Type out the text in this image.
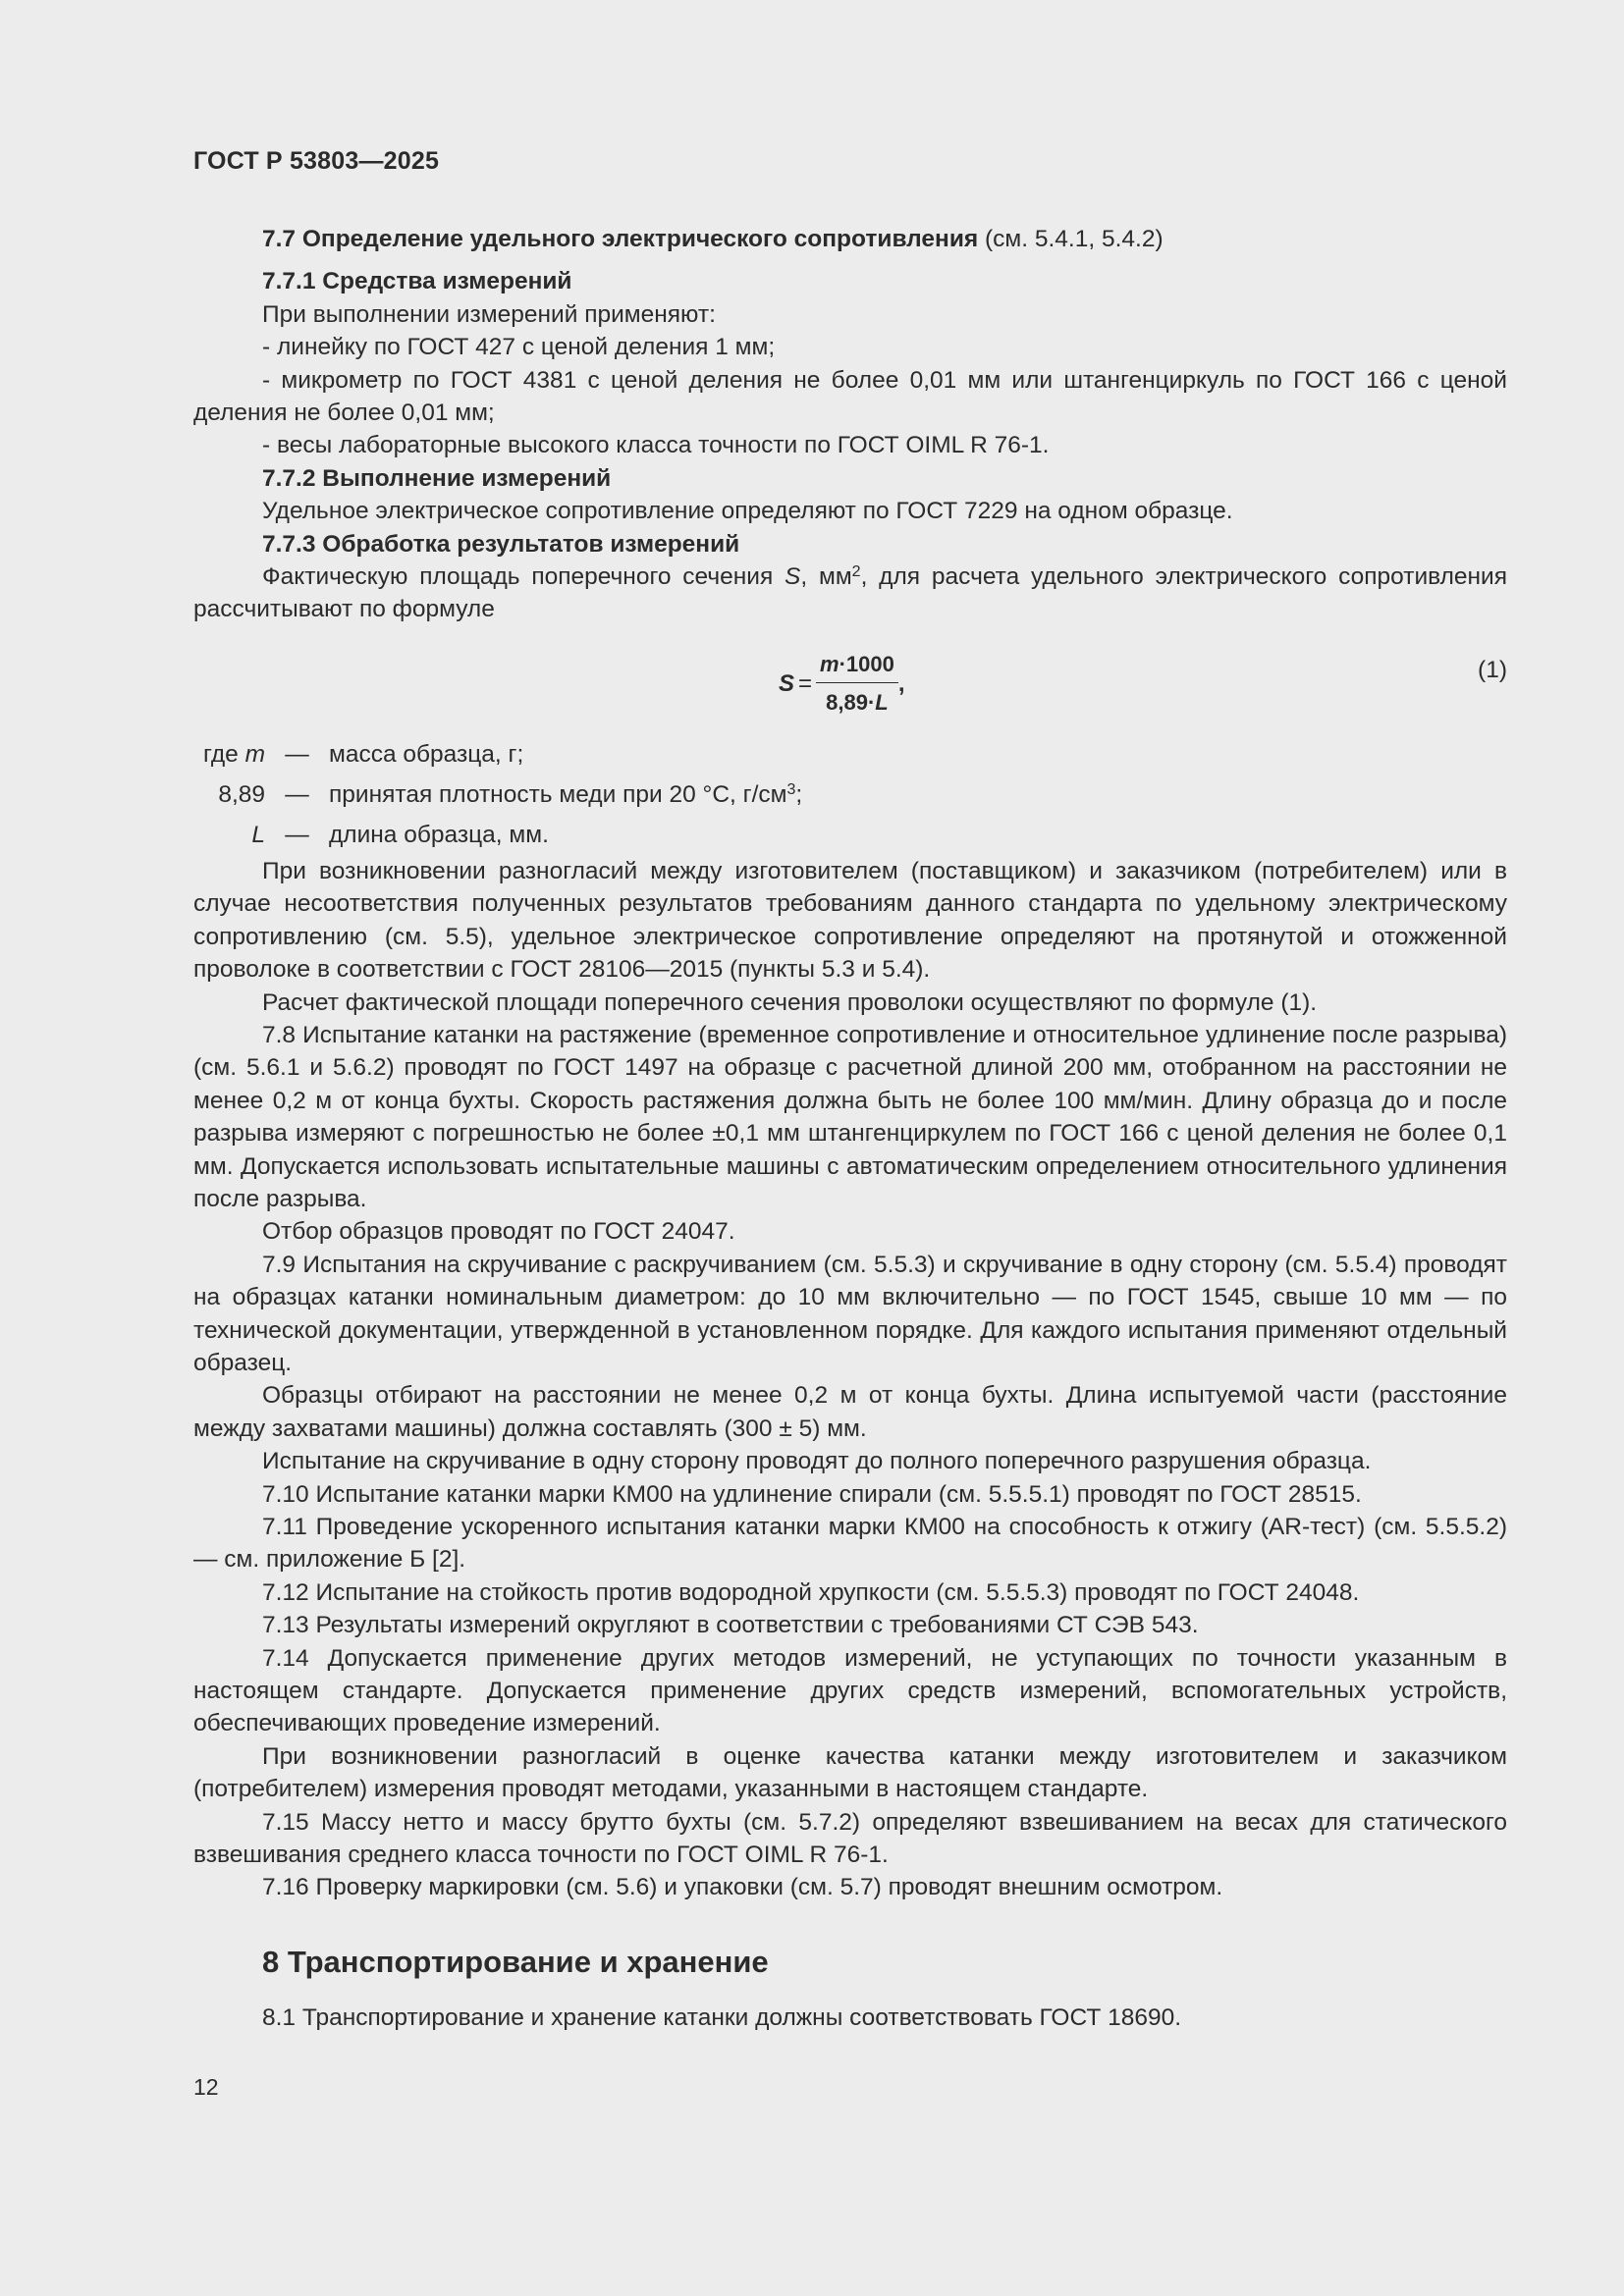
ГОСТ Р 53803—2025

7.7 Определение удельного электрического сопротивления (см. 5.4.1, 5.4.2)

7.7.1 Средства измерений

При выполнении измерений применяют:

- линейку по ГОСТ 427 с ценой деления 1 мм;

- микрометр по ГОСТ 4381 с ценой деления не более 0,01 мм или штангенциркуль по ГОСТ 166 с ценой деления не более 0,01 мм;

- весы лабораторные высокого класса точности по ГОСТ OIML R 76-1.

7.7.2 Выполнение измерений

Удельное электрическое сопротивление определяют по ГОСТ 7229 на одном образце.

7.7.3 Обработка результатов измерений

Фактическую площадь поперечного сечения S, $мм^2$, для расчета удельного электрического сопротивления рассчитывают по формуле

$S = \frac{m\cdot 1000}{8,89\cdot L}$ ,
(1)
где m — масса образца, г;
8,89 — принятая плотность меди при 20 °С, $г/см^3$;
L — длина образца, мм.

При возникновении разногласий между изготовителем (поставщиком) и заказчиком (потребителем) или в случае несоответствия полученных результатов требованиям данного стандарта по удельному электрическому сопротивлению (см. 5.5), удельное электрическое сопротивление определяют на протянутой и отожженной проволоке в соответствии с ГОСТ 28106—2015 (пункты 5.3 и 5.4).

Расчет фактической площади поперечного сечения проволоки осуществляют по формуле (1).

7.8 Испытание катанки на растяжение (временное сопротивление и относительное удлинение после разрыва) (см. 5.6.1 и 5.6.2) проводят по ГОСТ 1497 на образце с расчетной длиной 200 мм, отобранном на расстоянии не менее 0,2 м от конца бухты. Скорость растяжения должна быть не более 100 мм/мин. Длину образца до и после разрыва измеряют с погрешностью не более ±0,1 мм штангенциркулем по ГОСТ 166 с ценой деления не более 0,1 мм. Допускается использовать испытательные машины с автоматическим определением относительного удлинения после разрыва.

Отбор образцов проводят по ГОСТ 24047.

7.9 Испытания на скручивание с раскручиванием (см. 5.5.3) и скручивание в одну сторону (см. 5.5.4) проводят на образцах катанки номинальным диаметром: до 10 мм включительно — по ГОСТ 1545, свыше 10 мм — по технической документации, утвержденной в установленном порядке. Для каждого испытания применяют отдельный образец.

Образцы отбирают на расстоянии не менее 0,2 м от конца бухты. Длина испытуемой части (расстояние между захватами машины) должна составлять (300 ± 5) мм.

Испытание на скручивание в одну сторону проводят до полного поперечного разрушения образца.

7.10 Испытание катанки марки КМ00 на удлинение спирали (см. 5.5.5.1) проводят по ГОСТ 28515.

7.11 Проведение ускоренного испытания катанки марки КМ00 на способность к отжигу (AR-тест) (см. 5.5.5.2) — см. приложение Б [2].

7.12 Испытание на стойкость против водородной хрупкости (см. 5.5.5.3) проводят по ГОСТ 24048.

7.13 Результаты измерений округляют в соответствии с требованиями СТ СЭВ 543.

7.14 Допускается применение других методов измерений, не уступающих по точности указанным в настоящем стандарте. Допускается применение других средств измерений, вспомогательных устройств, обеспечивающих проведение измерений.

При возникновении разногласий в оценке качества катанки между изготовителем и заказчиком (потребителем) измерения проводят методами, указанными в настоящем стандарте.

7.15 Массу нетто и массу брутто бухты (см. 5.7.2) определяют взвешиванием на весах для статического взвешивания среднего класса точности по ГОСТ OIML R 76-1.

7.16 Проверку маркировки (см. 5.6) и упаковки (см. 5.7) проводят внешним осмотром.

8 Транспортирование и хранение

8.1 Транспортирование и хранение катанки должны соответствовать ГОСТ 18690.

12
